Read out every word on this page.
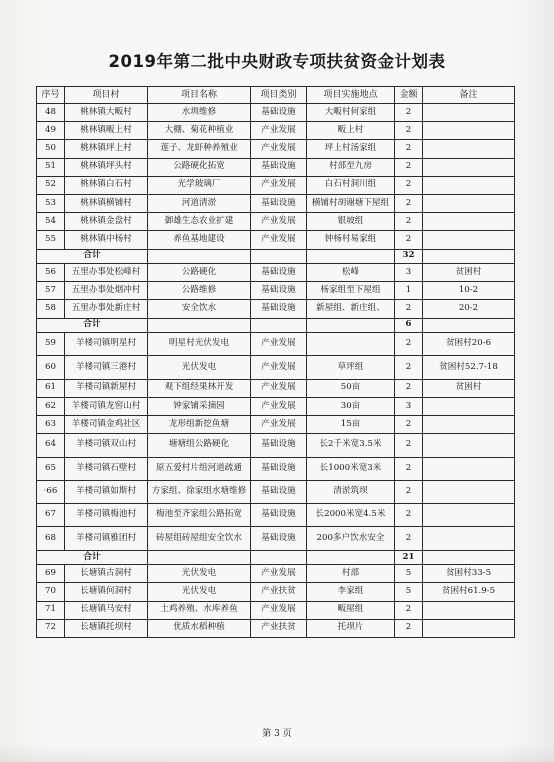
2019年第二批中央财政专项扶贫资金计划表
序号	项目村	项目名称	项目类别	项目实施地点	金额	备注
48	桃林镇大畈村	水圳维修	基础设施	大畈村何家组	2	
49	桃林镇畈上村	大棚、菊花种植业	产业发展	畈上村	2	
50	桃林镇坪上村	莲子、龙虾种养殖业	产业发展	坪上村汤家组	2	
51	桃林镇坪头村	公路硬化拓宽	基础设施	村部至九房	2	
52	桃林镇白石村	光学玻璃厂	产业发展	白石村洞川组	2	
53	桃林镇横铺村	河道清淤	基础设施	横铺村胡谢塘下屋组	2	
54	桃林镇金盘村	御雄生态农业扩建	产业发展	银坡组	2	
55	桃林镇中杨村	养鱼基地建设	产业发展	钟杨村易家组	2	
合计					32	
56	五里办事处松峰村	公路硬化	基础设施	松峰	3	贫困村
57	五里办事处烟冲村	公路维修	基础设施	杨家组至下屋组	1	10-2
58	五里办事处新庄村	安全饮水	基础设施	新屋组、新庄组、	2	20-2
合计					6	
59	羊楼司镇明星村	明星村光伏发电	产业发展		2	贫困村20-6
60	羊楼司镇三港村	光伏发电	产业发展	草坪组	2	贫困村52.7-18
61	羊楼司镇新屋村	观下组经果林开发	产业发展	50亩	2	贫困村
62	羊楼司镇龙窖山村	钟家铺采摘园	产业发展	30亩	3	
63	羊楼司镇金鸡社区	龙形组新挖鱼塘	产业发展	15亩	2	
64	羊楼司镇双山村	塘塘组公路硬化	基础设施	长2千米宽3.5米	2	
65	羊楼司镇石壁村	原五爱村片组河道疏通	基础设施	长1000米宽3米	2	
·66	羊楼司镇如斯村	方家组、徐家组水塘维修	基础设施	清淤筑坝	2	
67	羊楼司镇梅池村	梅池至齐家组公路拓宽	基础设施	长2000米宽4.5米	2	
68	羊楼司镇雅团村	砖屋组砖屋组安全饮水	基础设施	200多户饮水安全	2	
合计					21	
69	长塘镇古洞村	光伏发电	产业发展	村部	5	贫困村33-5
70	长塘镇何洞村	光伏发电	产业扶贫	李家组	5	贫困村61.9-5
71	长塘镇马安村	土鸡养殖、水库养鱼	产业发展	畈屋组	2	
72	长塘镇托坝村	优质水稻种植	产业扶贫	托坝片	2	
第 3 页
